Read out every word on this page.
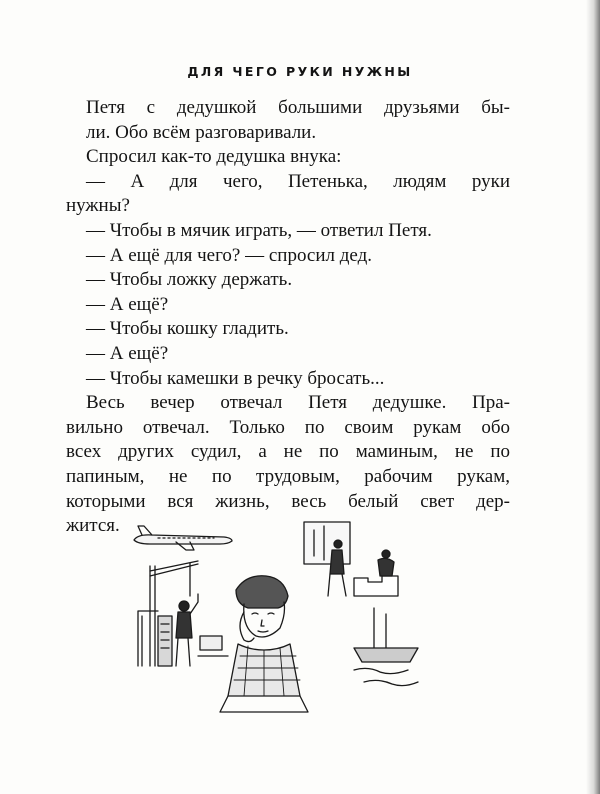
ДЛЯ ЧЕГО РУКИ НУЖНЫ
Петя с дедушкой большими друзьями бы-
ли. Обо всём разговаривали.
Спросил как-то дедушка внука:
— А для чего, Петенька, людям руки
нужны?
— Чтобы в мячик играть, — ответил Петя.
— А ещё для чего? — спросил дед.
— Чтобы ложку держать.
— А ещё?
— Чтобы кошку гладить.
— А ещё?
— Чтобы камешки в речку бросать...
Весь вечер отвечал Петя дедушке. Пра-
вильно отвечал. Только по своим рукам обо
всех других судил, а не по маминым, не по
папиным, не по трудовым, рабочим рукам,
которыми вся жизнь, весь белый свет дер-
жится.
